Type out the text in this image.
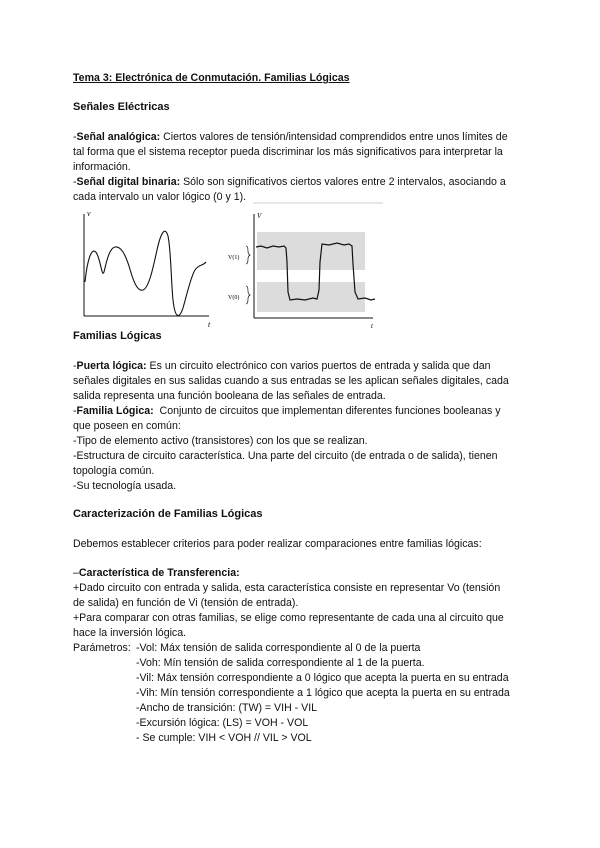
Tema 3: Electrónica de Conmutación. Familias Lógicas
Señales Eléctricas
-Señal analógica: Ciertos valores de tensión/intensidad comprendidos entre unos límites de
tal forma que el sistema receptor pueda discriminar los más significativos para interpretar la
información.
-Señal digital binaria: Sólo son significativos ciertos valores entre 2 intervalos, asociando a
cada intervalo un valor lógico (0 y 1).
v
t
V
t
V(1)
V(0)
Familias Lógicas
-Puerta lógica: Es un circuito electrónico con varios puertos de entrada y salida que dan
señales digitales en sus salidas cuando a sus entradas se les aplican señales digitales, cada
salida representa una función booleana de las señales de entrada.
-Familia Lógica: Conjunto de circuitos que implementan diferentes funciones booleanas y
que poseen en común:
-Tipo de elemento activo (transistores) con los que se realizan.
-Estructura de circuito característica. Una parte del circuito (de entrada o de salida), tienen
topología común.
-Su tecnología usada.
Caracterización de Familias Lógicas
Debemos establecer criterios para poder realizar comparaciones entre familias lógicas:
–Característica de Transferencia:
+Dado circuito con entrada y salida, esta característica consiste en representar Vo (tensión
de salida) en función de Vi (tensión de entrada).
+Para comparar con otras familias, se elige como representante de cada una al circuito que
hace la inversión lógica.
Parámetros: -Vol: Máx tensión de salida correspondiente al 0 de la puerta
-Voh: Mín tensión de salida correspondiente al 1 de la puerta.
-Vil: Máx tensión correspondiente a 0 lógico que acepta la puerta en su entrada
-Vih: Mín tensión correspondiente a 1 lógico que acepta la puerta en su entrada
-Ancho de transición: (TW) = VIH - VIL
-Excursión lógica: (LS) = VOH - VOL
- Se cumple: VIH < VOH // VIL > VOL
